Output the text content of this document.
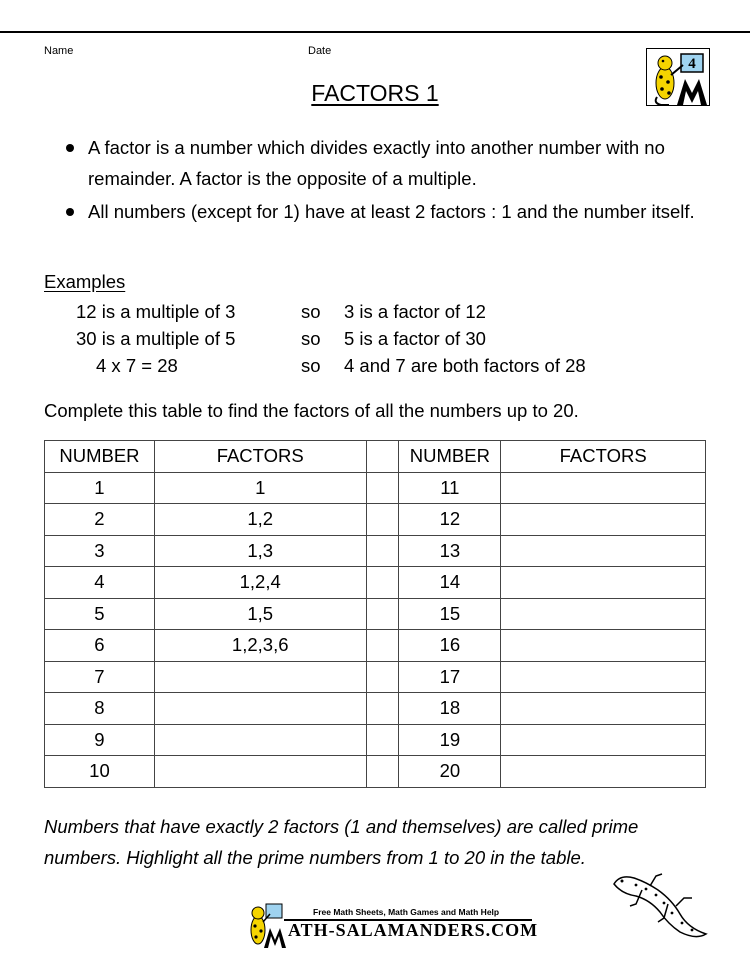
Name	Date
4
FACTORS 1
A factor is a number which divides exactly into another number with no remainder. A factor is the opposite of a multiple.
All numbers (except for 1) have at least 2 factors : 1 and the number itself.
Examples
12 is a multiple of 3	so 3 is a factor of 12
30 is a multiple of 5	so 5 is a factor of 30
4 x 7 = 28	so 4 and 7 are both factors of 28
Complete this table to find the factors of all the numbers up to 20.
NUMBER	FACTORS		NUMBER	FACTORS
1	1		11	
2	1,2		12	
3	1,3		13	
4	1,2,4		14	
5	1,5		15	
6	1,2,3,6		16	
7			17	
8			18	
9			19	
10			20	
Numbers that have exactly 2 factors (1 and themselves) are called prime numbers. Highlight all the prime numbers from 1 to 20 in the table.
Free Math Sheets, Math Games and Math Help
ATH-SALAMANDERS.COM
